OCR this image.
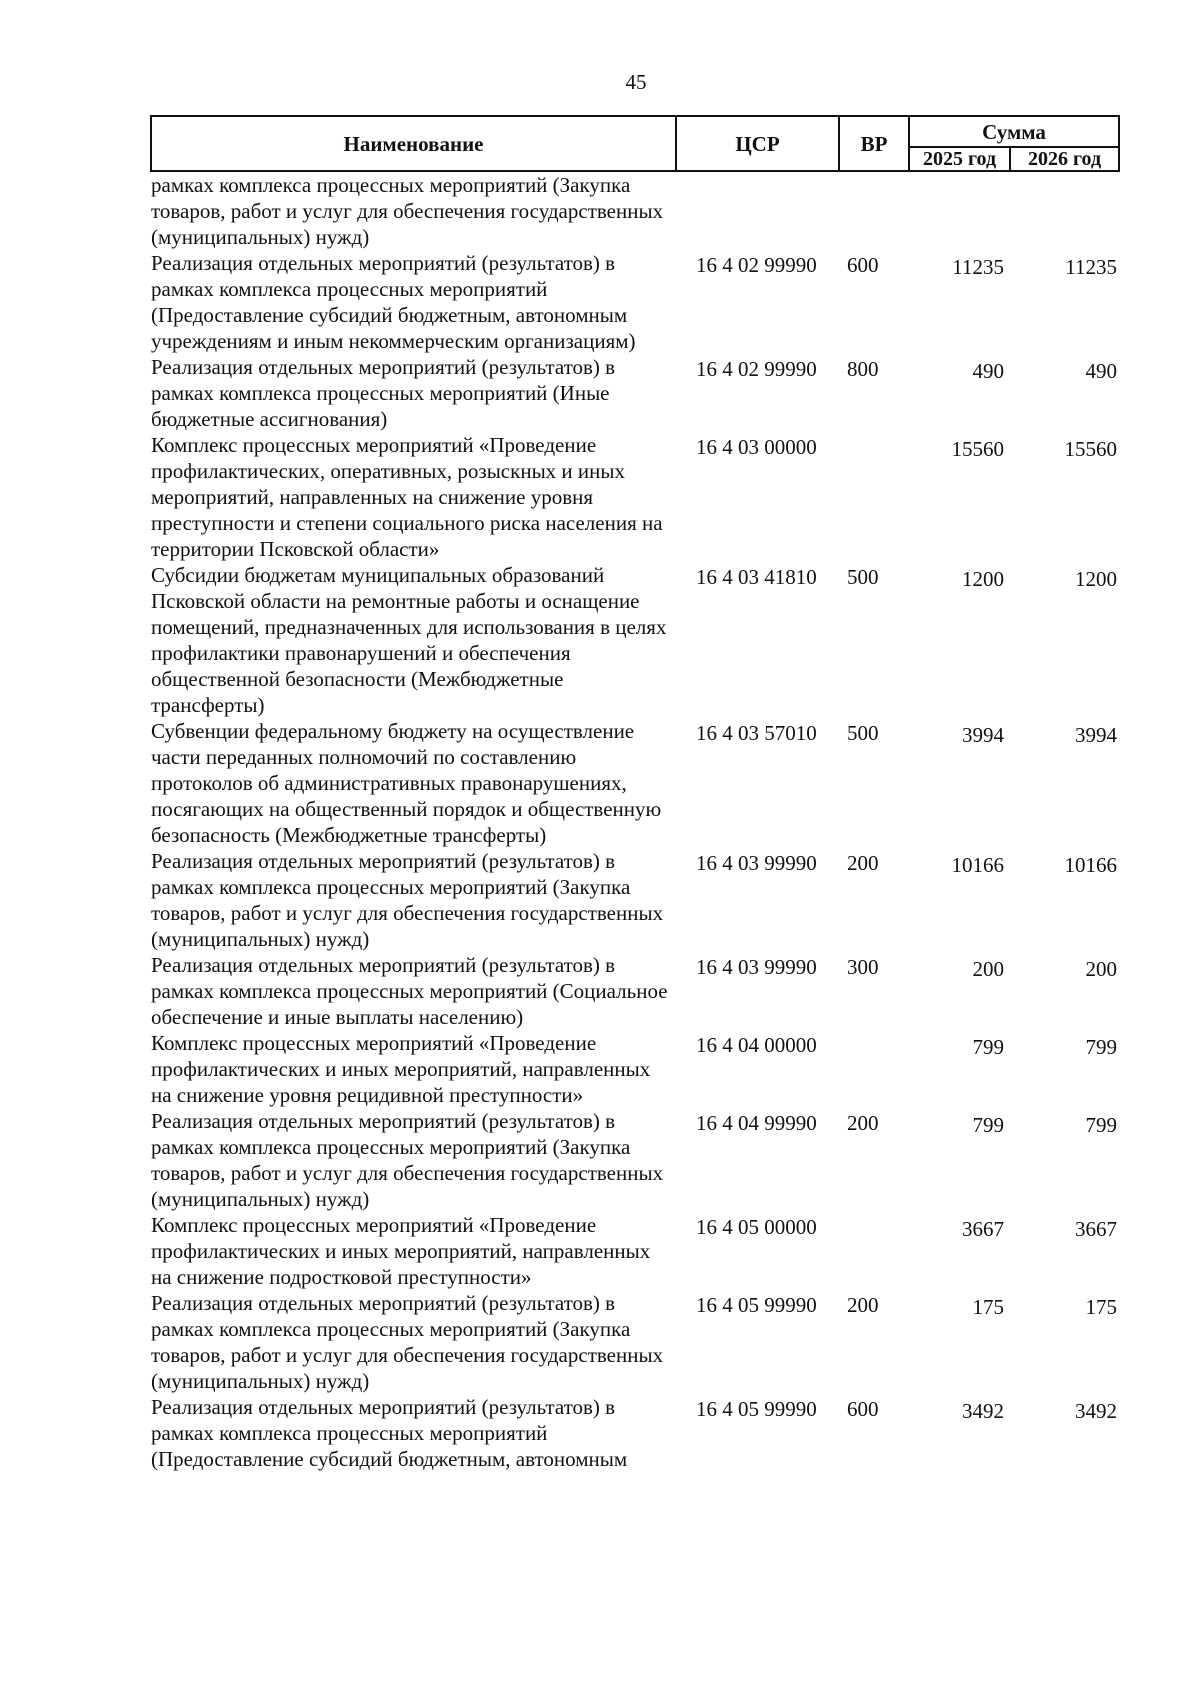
45
Наименование	ЦСР	ВР	Сумма	
			2025 год	2026 год
рамках комплекса процессных мероприятий (Закупка товаров, работ и услуг для обеспечения государственных (муниципальных) нужд)				
Реализация отдельных мероприятий (результатов) в рамках комплекса процессных мероприятий (Предоставление субсидий бюджетным, автономным учреждениям и иным некоммерческим организациям)	16 4 02 99990	600	11235	11235
Реализация отдельных мероприятий (результатов) в рамках комплекса процессных мероприятий (Иные бюджетные ассигнования)	16 4 02 99990	800	490	490
Комплекс процессных мероприятий «Проведение профилактических, оперативных, розыскных и иных мероприятий, направленных на снижение уровня преступности и степени социального риска населения на территории Псковской области»	16 4 03 00000		15560	15560
Субсидии бюджетам муниципальных образований Псковской области на ремонтные работы и оснащение помещений, предназначенных для использования в целях профилактики правонарушений и обеспечения общественной безопасности (Межбюджетные трансферты)	16 4 03 41810	500	1200	1200
Субвенции федеральному бюджету на осуществление части переданных полномочий по составлению протоколов об административных правонарушениях, посягающих на общественный порядок и общественную безопасность (Межбюджетные трансферты)	16 4 03 57010	500	3994	3994
Реализация отдельных мероприятий (результатов) в рамках комплекса процессных мероприятий (Закупка товаров, работ и услуг для обеспечения государственных (муниципальных) нужд)	16 4 03 99990	200	10166	10166
Реализация отдельных мероприятий (результатов) в рамках комплекса процессных мероприятий (Социальное обеспечение и иные выплаты населению)	16 4 03 99990	300	200	200
Комплекс процессных мероприятий «Проведение профилактических и иных мероприятий, направленных на снижение уровня рецидивной преступности»	16 4 04 00000		799	799
Реализация отдельных мероприятий (результатов) в рамках комплекса процессных мероприятий (Закупка товаров, работ и услуг для обеспечения государственных (муниципальных) нужд)	16 4 04 99990	200	799	799
Комплекс процессных мероприятий «Проведение профилактических и иных мероприятий, направленных на снижение подростковой преступности»	16 4 05 00000		3667	3667
Реализация отдельных мероприятий (результатов) в рамках комплекса процессных мероприятий (Закупка товаров, работ и услуг для обеспечения государственных (муниципальных) нужд)	16 4 05 99990	200	175	175
Реализация отдельных мероприятий (результатов) в рамках комплекса процессных мероприятий (Предоставление субсидий бюджетным, автономным	16 4 05 99990	600	3492	3492
